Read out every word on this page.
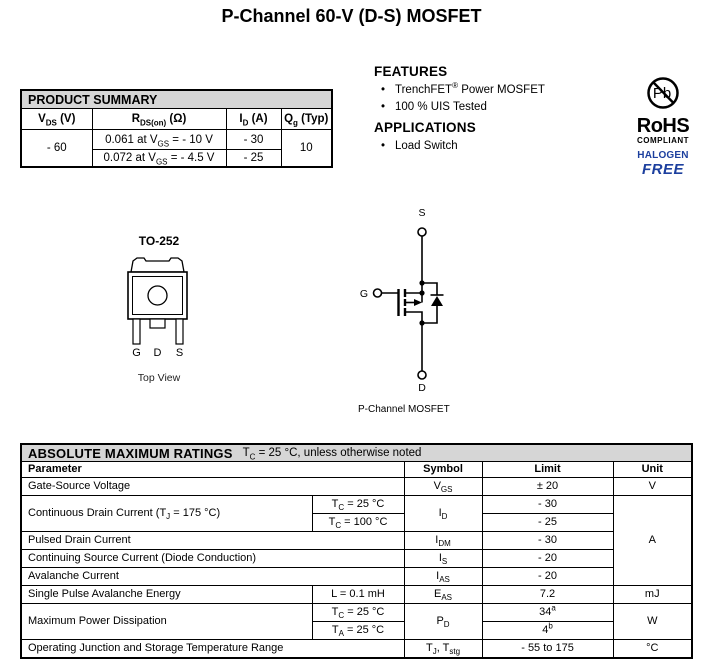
P-Channel 60-V (D-S) MOSFET
PRODUCT SUMMARY
$V_{DS}$ (V)	$R_{DS(on)}$ (Ω)	$I_D$ (A)	$Q_g$ (Typ)
- 60	0.061 at $V_{GS}$ = - 10 V	- 30	10
	0.072 at $V_{GS}$ = - 4.5 V	- 25	
FEATURES
• TrenchFET® Power MOSFET
• 100 % UIS Tested
APPLICATIONS
• Load Switch
Pb
RoHS
COMPLIANT
HALOGEN
FREE
TO-252
G D S
Top View
S
G
D
P-Channel MOSFET
ABSOLUTE MAXIMUM RATINGS $T_C = 25$ °C, unless otherwise noted
Parameter		Symbol	Limit	Unit
Gate-Source Voltage		$V_{GS}$	± 20	V
Continuous Drain Current ($T_J = 175$ °C)	$T_C = 25$ °C	$I_D$	- 30	A
	$T_C = 100$ °C		- 25	
Pulsed Drain Current		$I_{DM}$	- 30	
Continuing Source Current (Diode Conduction)		$I_S$	- 20	
Avalanche Current		$I_{AS}$	- 20	
Single Pulse Avalanche Energy	L = 0.1 mH	$E_{AS}$	7.2	mJ
Maximum Power Dissipation	$T_C = 25$ °C	$P_D$	34$^a$	W
	$T_A = 25$ °C		4$^b$
Operating Junction and Storage Temperature Range		$T_J$, $T_{stg}$	- 55 to 175	°C
